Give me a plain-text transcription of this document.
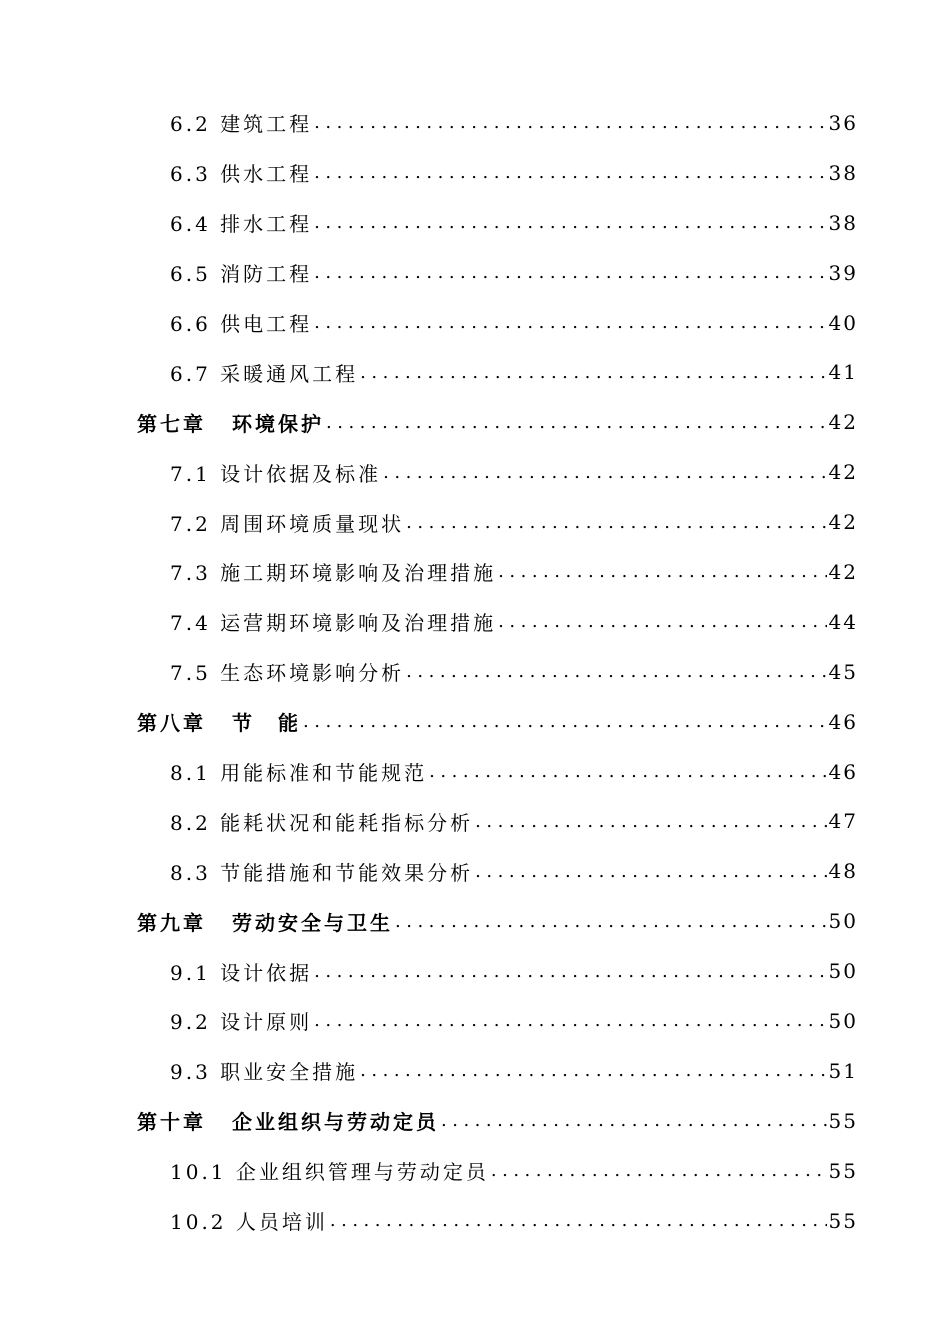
6.2 建筑工程 .....	36
6.3 供水工程 .....	38
6.4 排水工程 .....	38
6.5 消防工程 .....	39
6.6 供电工程 .....	40
6.7 采暖通风工程 .....	41
第七章 环境保护 .....	42
7.1 设计依据及标准 .....	42
7.2 周围环境质量现状 .....	42
7.3 施工期环境影响及治理措施 .....	42
7.4 运营期环境影响及治理措施 .....	44
7.5 生态环境影响分析 .....	45
第八章 节　能 .....	46
8.1 用能标准和节能规范 .....	46
8.2 能耗状况和能耗指标分析 .....	47
8.3 节能措施和节能效果分析 .....	48
第九章 劳动安全与卫生 .....	50
9.1 设计依据 .....	50
9.2 设计原则 .....	50
9.3 职业安全措施 .....	51
第十章 企业组织与劳动定员 .....	55
10.1 企业组织管理与劳动定员 .....	55
10.2 人员培训 .....	55
